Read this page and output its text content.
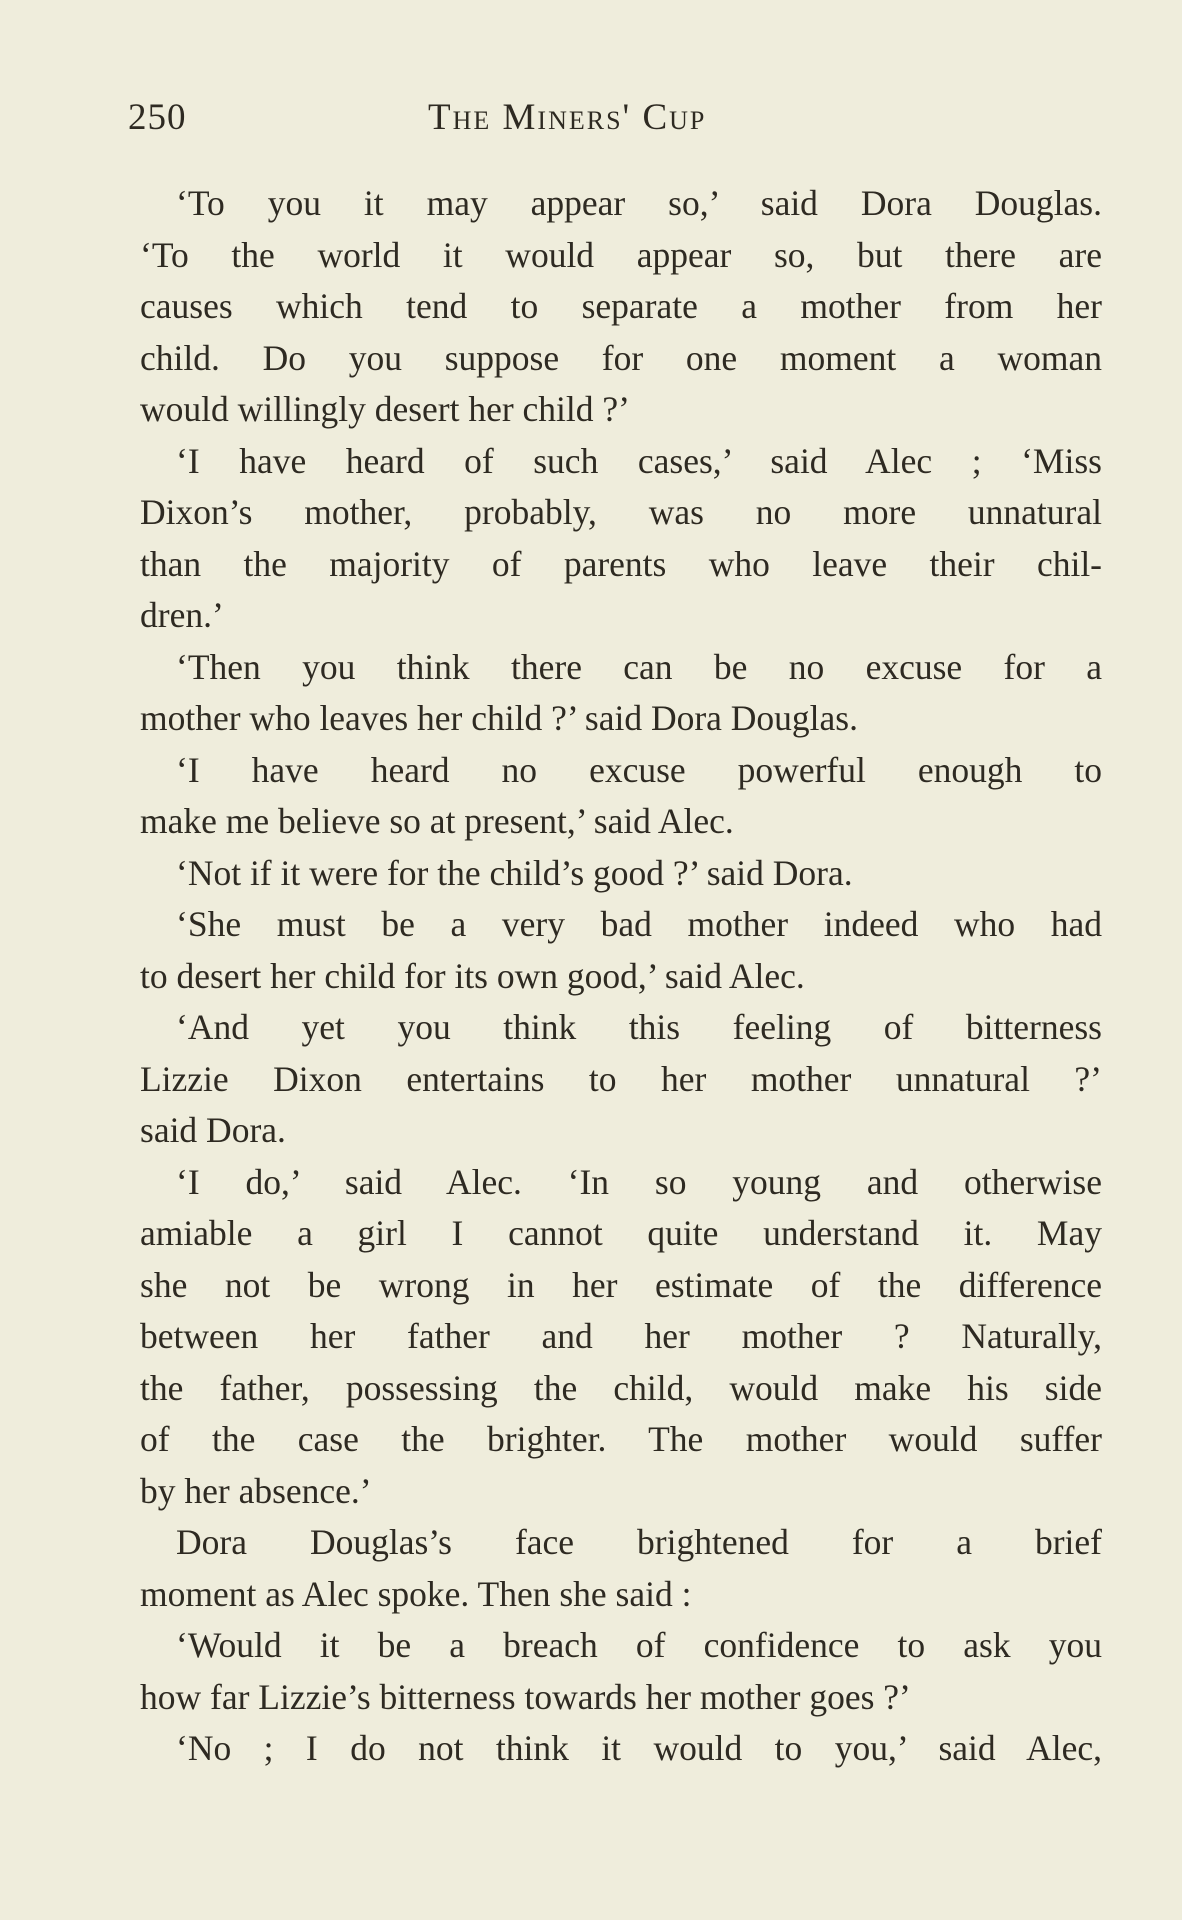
250	The Miners' Cup
‘To you it may appear so,’ said Dora Douglas.
‘To the world it would appear so, but there are
causes which tend to separate a mother from her
child. Do you suppose for one moment a woman
would willingly desert her child ?’
‘I have heard of such cases,’ said Alec ; ‘Miss
Dixon’s mother, probably, was no more unnatural
than the majority of parents who leave their chil-
dren.’
‘Then you think there can be no excuse for a
mother who leaves her child ?’ said Dora Douglas.
‘I have heard no excuse powerful enough to
make me believe so at present,’ said Alec.
‘Not if it were for the child’s good ?’ said Dora.
‘She must be a very bad mother indeed who had
to desert her child for its own good,’ said Alec.
‘And yet you think this feeling of bitterness
Lizzie Dixon entertains to her mother unnatural ?’
said Dora.
‘I do,’ said Alec. ‘In so young and otherwise
amiable a girl I cannot quite understand it. May
she not be wrong in her estimate of the difference
between her father and her mother ? Naturally,
the father, possessing the child, would make his side
of the case the brighter. The mother would suffer
by her absence.’
Dora Douglas’s face brightened for a brief
moment as Alec spoke. Then she said :
‘Would it be a breach of confidence to ask you
how far Lizzie’s bitterness towards her mother goes ?’
‘No ; I do not think it would to you,’ said Alec,
